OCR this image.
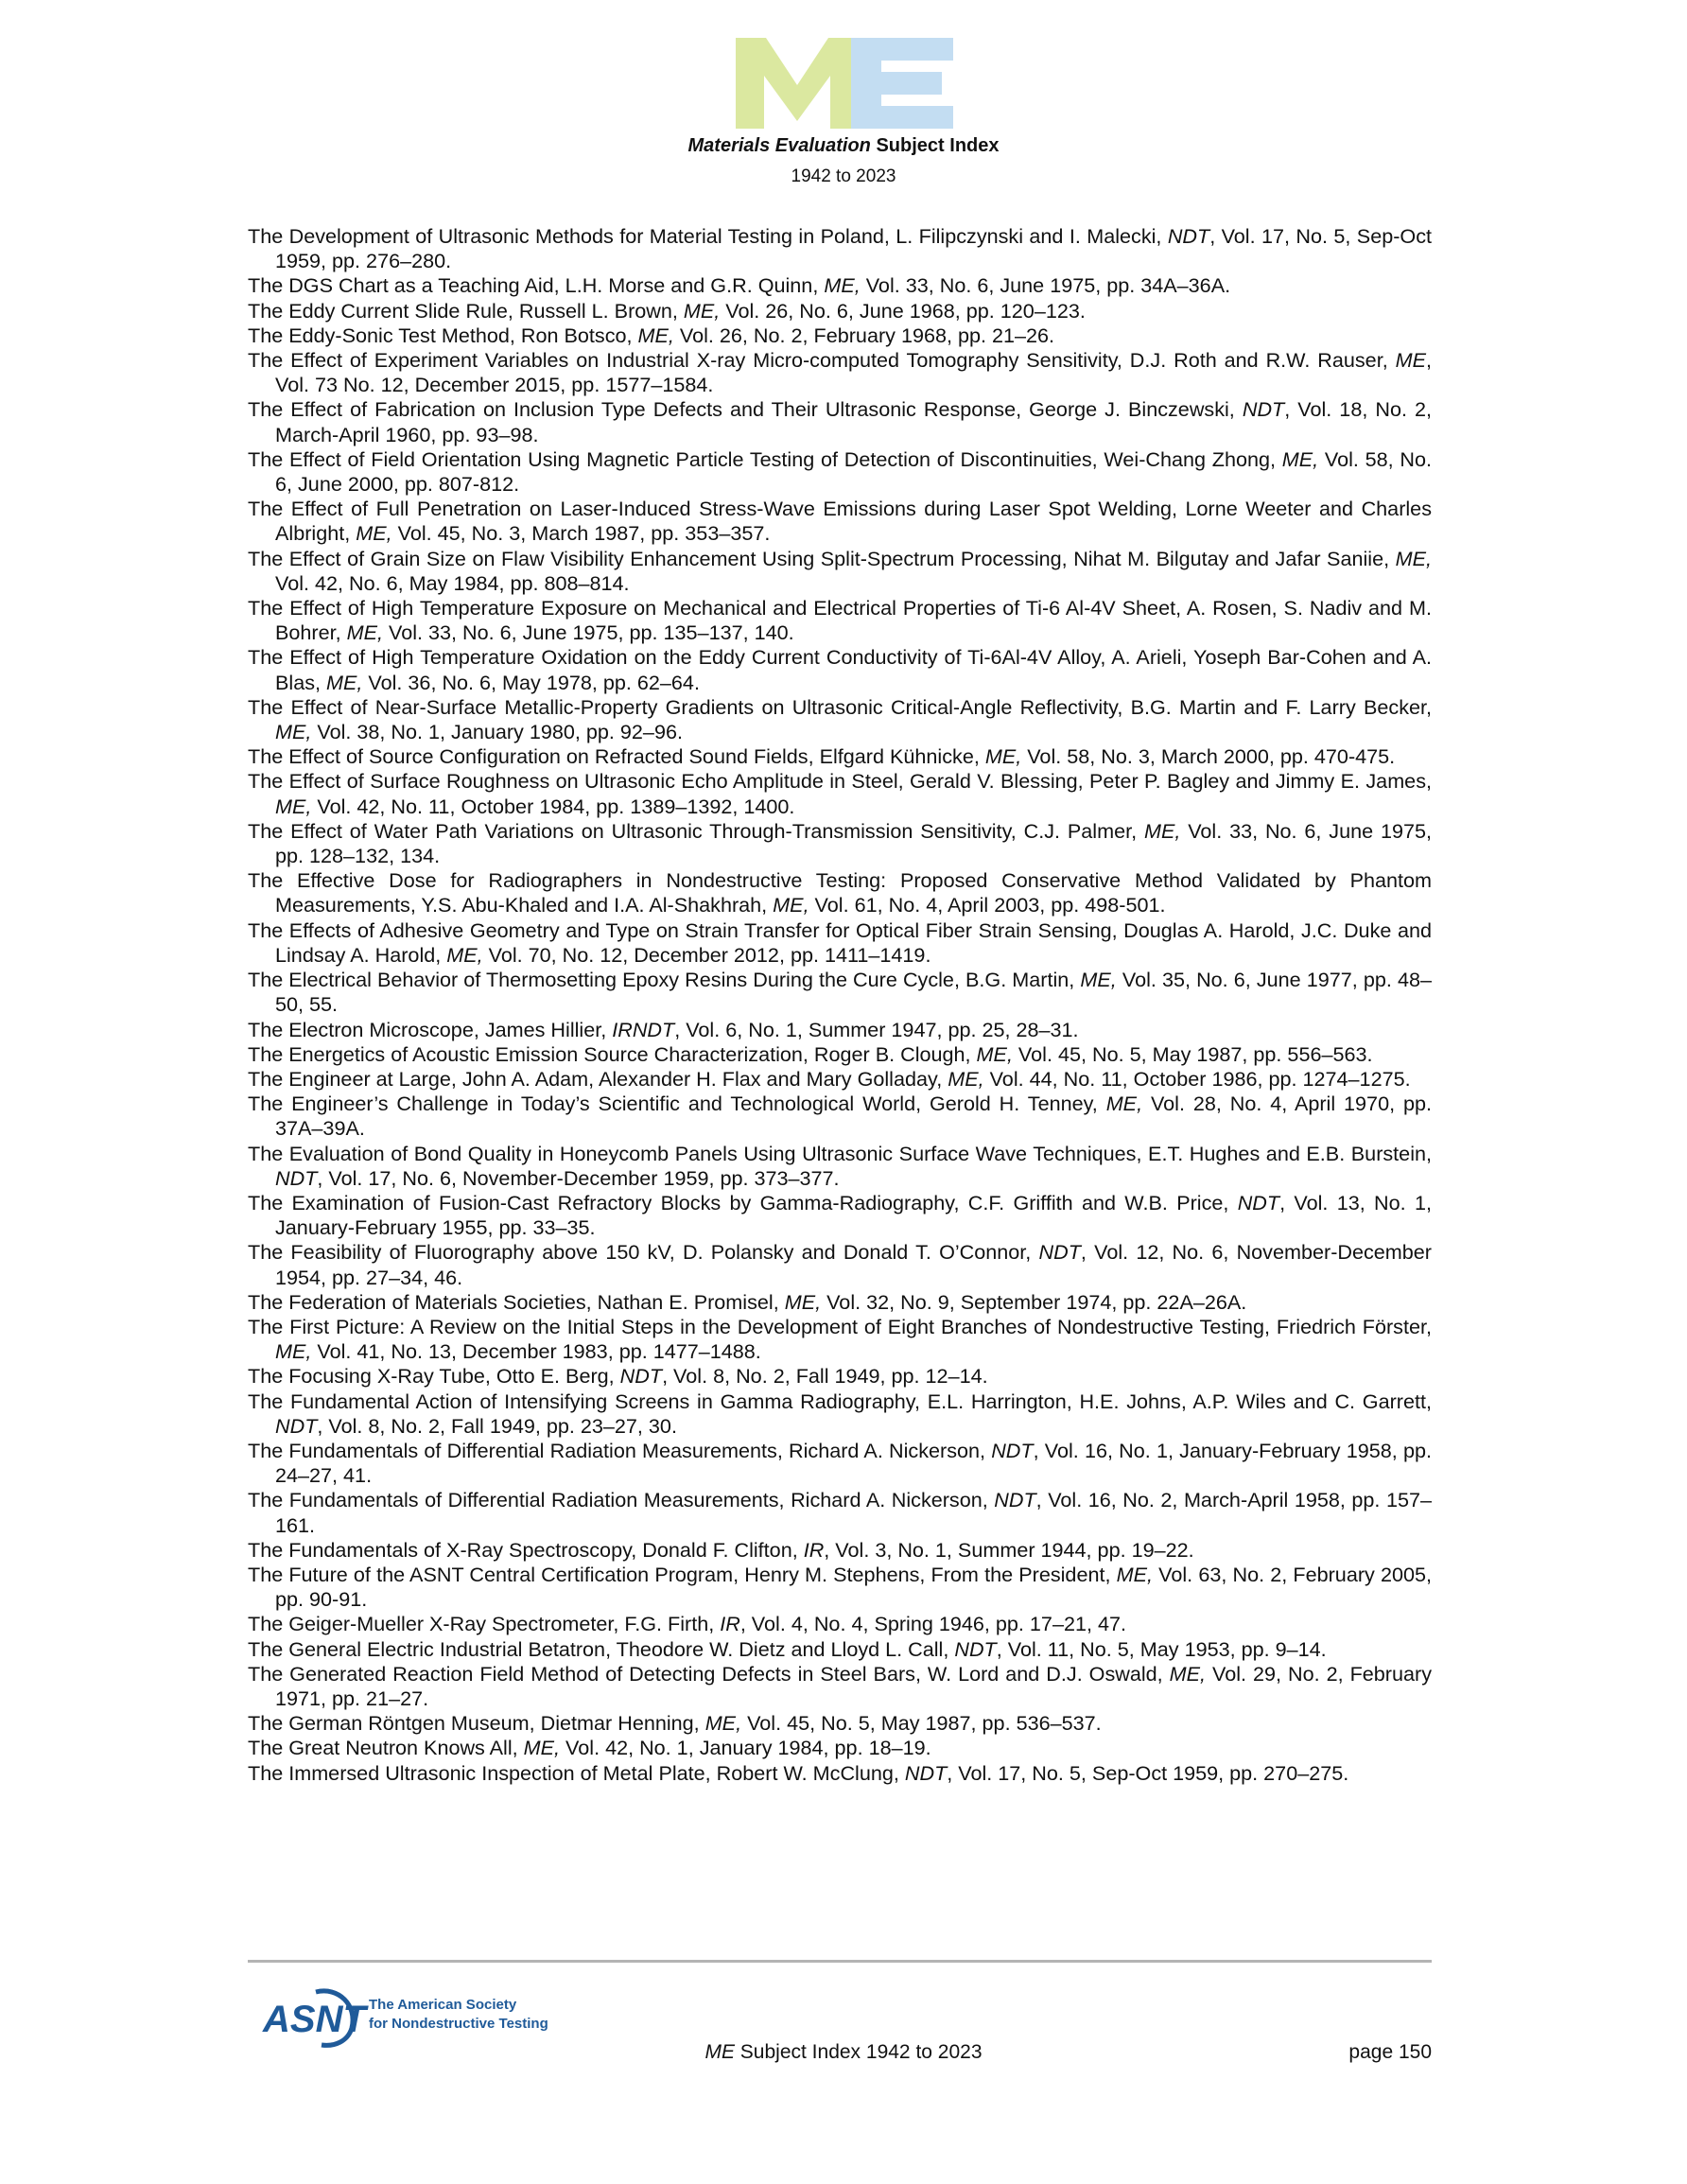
Materials Evaluation Subject Index
1942 to 2023

The Development of Ultrasonic Methods for Material Testing in Poland, L. Filipczynski and I. Malecki, NDT, Vol. 17, No. 5, Sep-Oct 1959, pp. 276–280.

The DGS Chart as a Teaching Aid, L.H. Morse and G.R. Quinn, ME, Vol. 33, No. 6, June 1975, pp. 34A–36A.

The Eddy Current Slide Rule, Russell L. Brown, ME, Vol. 26, No. 6, June 1968, pp. 120–123.

The Eddy-Sonic Test Method, Ron Botsco, ME, Vol. 26, No. 2, February 1968, pp. 21–26.

The Effect of Experiment Variables on Industrial X-ray Micro-computed Tomography Sensitivity, D.J. Roth and R.W. Rauser, ME, Vol. 73 No. 12, December 2015, pp. 1577–1584.

The Effect of Fabrication on Inclusion Type Defects and Their Ultrasonic Response, George J. Binczewski, NDT, Vol. 18, No. 2, March-April 1960, pp. 93–98.

The Effect of Field Orientation Using Magnetic Particle Testing of Detection of Discontinuities, Wei-Chang Zhong, ME, Vol. 58, No. 6, June 2000, pp. 807-812.

The Effect of Full Penetration on Laser-Induced Stress-Wave Emissions during Laser Spot Welding, Lorne Weeter and Charles Albright, ME, Vol. 45, No. 3, March 1987, pp. 353–357.

The Effect of Grain Size on Flaw Visibility Enhancement Using Split-Spectrum Processing, Nihat M. Bilgutay and Jafar Saniie, ME, Vol. 42, No. 6, May 1984, pp. 808–814.

The Effect of High Temperature Exposure on Mechanical and Electrical Properties of Ti-6 Al-4V Sheet, A. Rosen, S. Nadiv and M. Bohrer, ME, Vol. 33, No. 6, June 1975, pp. 135–137, 140.

The Effect of High Temperature Oxidation on the Eddy Current Conductivity of Ti-6Al-4V Alloy, A. Arieli, Yoseph Bar-Cohen and A. Blas, ME, Vol. 36, No. 6, May 1978, pp. 62–64.

The Effect of Near-Surface Metallic-Property Gradients on Ultrasonic Critical-Angle Reflectivity, B.G. Martin and F. Larry Becker, ME, Vol. 38, No. 1, January 1980, pp. 92–96.

The Effect of Source Configuration on Refracted Sound Fields, Elfgard Kühnicke, ME, Vol. 58, No. 3, March 2000, pp. 470-475.

The Effect of Surface Roughness on Ultrasonic Echo Amplitude in Steel, Gerald V. Blessing, Peter P. Bagley and Jimmy E. James, ME, Vol. 42, No. 11, October 1984, pp. 1389–1392, 1400.

The Effect of Water Path Variations on Ultrasonic Through-Transmission Sensitivity, C.J. Palmer, ME, Vol. 33, No. 6, June 1975, pp. 128–132, 134.

The Effective Dose for Radiographers in Nondestructive Testing: Proposed Conservative Method Validated by Phantom Measurements, Y.S. Abu-Khaled and I.A. Al-Shakhrah, ME, Vol. 61, No. 4, April 2003, pp. 498-501.

The Effects of Adhesive Geometry and Type on Strain Transfer for Optical Fiber Strain Sensing, Douglas A. Harold, J.C. Duke and Lindsay A. Harold, ME, Vol. 70, No. 12, December 2012, pp. 1411–1419.

The Electrical Behavior of Thermosetting Epoxy Resins During the Cure Cycle, B.G. Martin, ME, Vol. 35, No. 6, June 1977, pp. 48–50, 55.

The Electron Microscope, James Hillier, IRNDT, Vol. 6, No. 1, Summer 1947, pp. 25, 28–31.

The Energetics of Acoustic Emission Source Characterization, Roger B. Clough, ME, Vol. 45, No. 5, May 1987, pp. 556–563.

The Engineer at Large, John A. Adam, Alexander H. Flax and Mary Golladay, ME, Vol. 44, No. 11, October 1986, pp. 1274–1275.

The Engineer’s Challenge in Today’s Scientific and Technological World, Gerold H. Tenney, ME, Vol. 28, No. 4, April 1970, pp. 37A–39A.

The Evaluation of Bond Quality in Honeycomb Panels Using Ultrasonic Surface Wave Techniques, E.T. Hughes and E.B. Burstein, NDT, Vol. 17, No. 6, November-December 1959, pp. 373–377.

The Examination of Fusion-Cast Refractory Blocks by Gamma-Radiography, C.F. Griffith and W.B. Price, NDT, Vol. 13, No. 1, January-February 1955, pp. 33–35.

The Feasibility of Fluorography above 150 kV, D. Polansky and Donald T. O’Connor, NDT, Vol. 12, No. 6, November-December 1954, pp. 27–34, 46.

The Federation of Materials Societies, Nathan E. Promisel, ME, Vol. 32, No. 9, September 1974, pp. 22A–26A.

The First Picture: A Review on the Initial Steps in the Development of Eight Branches of Nondestructive Testing, Friedrich Förster, ME, Vol. 41, No. 13, December 1983, pp. 1477–1488.

The Focusing X-Ray Tube, Otto E. Berg, NDT, Vol. 8, No. 2, Fall 1949, pp. 12–14.

The Fundamental Action of Intensifying Screens in Gamma Radiography, E.L. Harrington, H.E. Johns, A.P. Wiles and C. Garrett, NDT, Vol. 8, No. 2, Fall 1949, pp. 23–27, 30.

The Fundamentals of Differential Radiation Measurements, Richard A. Nickerson, NDT, Vol. 16, No. 1, January-February 1958, pp. 24–27, 41.

The Fundamentals of Differential Radiation Measurements, Richard A. Nickerson, NDT, Vol. 16, No. 2, March-April 1958, pp. 157–161.

The Fundamentals of X-Ray Spectroscopy, Donald F. Clifton, IR, Vol. 3, No. 1, Summer 1944, pp. 19–22.

The Future of the ASNT Central Certification Program, Henry M. Stephens, From the President, ME, Vol. 63, No. 2, February 2005, pp. 90-91.

The Geiger-Mueller X-Ray Spectrometer, F.G. Firth, IR, Vol. 4, No. 4, Spring 1946, pp. 17–21, 47.

The General Electric Industrial Betatron, Theodore W. Dietz and Lloyd L. Call, NDT, Vol. 11, No. 5, May 1953, pp. 9–14.

The Generated Reaction Field Method of Detecting Defects in Steel Bars, W. Lord and D.J. Oswald, ME, Vol. 29, No. 2, February 1971, pp. 21–27.

The German Röntgen Museum, Dietmar Henning, ME, Vol. 45, No. 5, May 1987, pp. 536–537.

The Great Neutron Knows All, ME, Vol. 42, No. 1, January 1984, pp. 18–19.

The Immersed Ultrasonic Inspection of Metal Plate, Robert W. McClung, NDT, Vol. 17, No. 5, Sep-Oct 1959, pp. 270–275.

ASNT The American Society
for Nondestructive Testing
ME Subject Index 1942 to 2023	page 150
